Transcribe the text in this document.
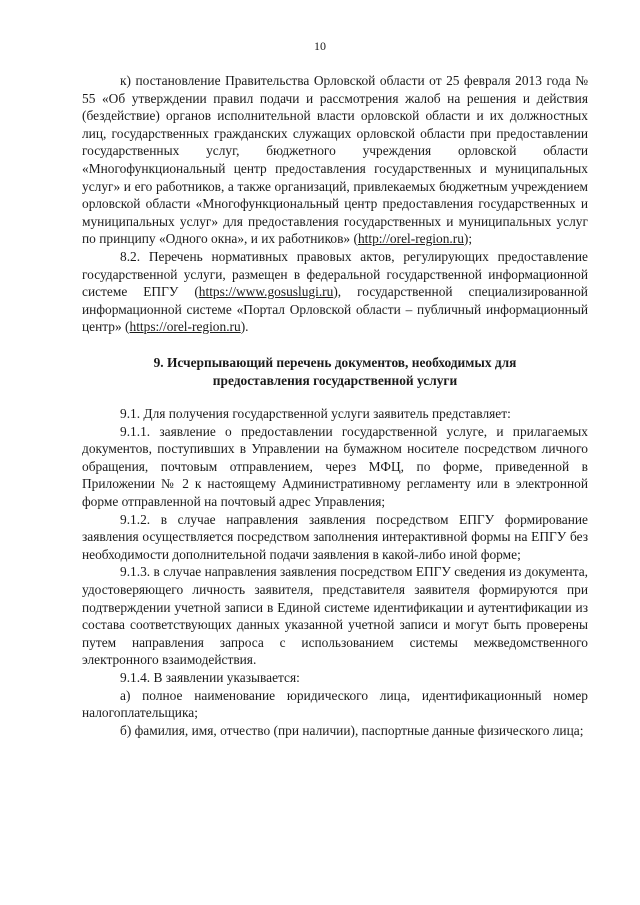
10

к) постановление Правительства Орловской области от 25 февраля 2013 года № 55 «Об утверждении правил подачи и рассмотрения жалоб на решения и действия (бездействие) органов исполнительной власти орловской области и их должностных лиц, государственных гражданских служащих орловской области при предоставлении государственных услуг, бюджетного учреждения орловской области «Многофункциональный центр предоставления государственных и муниципальных услуг» и его работников, а также организаций, привлекаемых бюджетным учреждением орловской области «Многофункциональный центр предоставления государственных и муниципальных услуг» для предоставления государственных и муниципальных услуг по принципу «Одного окна», и их работников» (http://orel-region.ru);

8.2. Перечень нормативных правовых актов, регулирующих предоставление государственной услуги, размещен в федеральной государственной информационной системе ЕПГУ (https://www.gosuslugi.ru), государственной специализированной информационной системе «Портал Орловской области – публичный информационный центр» (https://orel-region.ru).

9. Исчерпывающий перечень документов, необходимых для
предоставления государственной услуги

9.1. Для получения государственной услуги заявитель представляет:

9.1.1. заявление о предоставлении государственной услуге, и прилагаемых документов, поступивших в Управлении на бумажном носителе посредством личного обращения, почтовым отправлением, через МФЦ, по форме, приведенной в Приложении № 2 к настоящему Административному регламенту или в электронной форме отправленной на почтовый адрес Управления;

9.1.2. в случае направления заявления посредством ЕПГУ формирование заявления осуществляется посредством заполнения интерактивной формы на ЕПГУ без необходимости дополнительной подачи заявления в какой-либо иной форме;

9.1.3. в случае направления заявления посредством ЕПГУ сведения из документа, удостоверяющего личность заявителя, представителя заявителя формируются при подтверждении учетной записи в Единой системе идентификации и аутентификации из состава соответствующих данных указанной учетной записи и могут быть проверены путем направления запроса с использованием системы межведомственного электронного взаимодействия.

9.1.4. В заявлении указывается:

а) полное наименование юридического лица, идентификационный номер налогоплательщика;

б) фамилия, имя, отчество (при наличии), паспортные данные физического лица;
